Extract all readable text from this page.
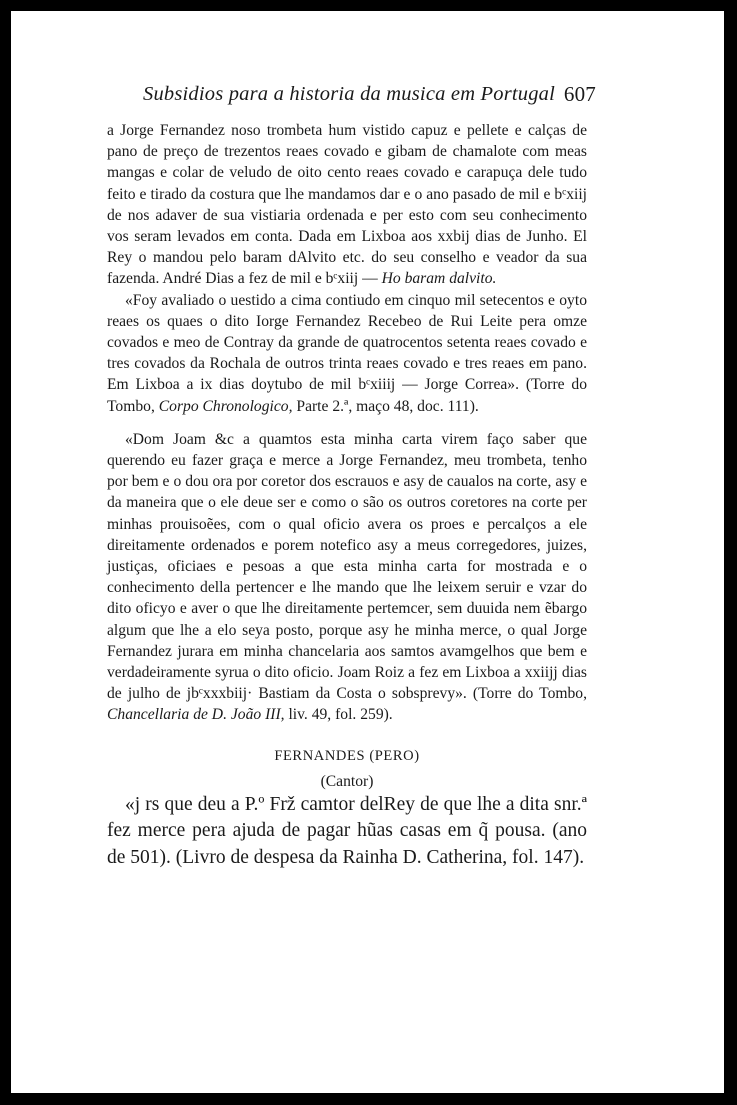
Subsidios para a historia da musica em Portugal 607

a Jorge Fernandez noso trombeta hum vistido capuz e pellete e calças de pano de preço de trezentos reaes covado e gibam de chamalote com meas mangas e colar de veludo de oito cento reaes covado e carapuça dele tudo feito e tirado da costura que lhe mandamos dar e o ano pasado de mil e bᶜxiij de nos adaver de sua vistiaria ordenada e per esto com seu conhecimento vos seram levados em conta. Dada em Lixboa aos xxbij dias de Junho. El Rey o mandou pelo baram dAlvito etc. do seu conselho e veador da sua fazenda. André Dias a fez de mil e bᶜxiij — Ho baram dalvito.

«Foy avaliado o uestido a cima contiudo em cinquo mil setecentos e oyto reaes os quaes o dito Iorge Fernandez Recebeo de Rui Leite pera omze covados e meo de Contray da grande de quatrocentos setenta reaes covado e tres covados da Rochala de outros trinta reaes covado e tres reaes em pano. Em Lixboa a ix dias doytubo de mil bᶜxiiij — Jorge Correa». (Torre do Tombo, Corpo Chronologico, Parte 2.ª, maço 48, doc. 111).

«Dom Joam &c a quamtos esta minha carta virem faço saber que querendo eu fazer graça e merce a Jorge Fernandez, meu trombeta, tenho por bem e o dou ora por coretor dos escrauos e asy de caualos na corte, asy e da maneira que o ele deue ser e como o são os outros coretores na corte per minhas prouisoẽes, com o qual oficio avera os proes e percalços a ele direitamente ordenados e porem notefico asy a meus corregedores, juizes, justiças, oficiaes e pesoas a que esta minha carta for mostrada e o conhecimento della pertencer e lhe mando que lhe leixem seruir e vzar do dito oficyo e aver o que lhe direitamente pertemcer, sem duuida nem ẽbargo algum que lhe a elo seya posto, porque asy he minha merce, o qual Jorge Fernandez jurara em minha chancelaria aos samtos avamgelhos que bem e verdadeiramente syrua o dito oficio. Joam Roiz a fez em Lixboa a xxiijj dias de julho de jbᶜxxxbiij· Bastiam da Costa o sobsprevy». (Torre do Tombo, Chancellaria de D. João III, liv. 49, fol. 259).

FERNANDES (PERO)
(Cantor)

«j rs que deu a P.º Frž camtor delRey de que lhe a dita snr.ª fez merce pera ajuda de pagar hũas casas em q̃ pousa. (ano de 501). (Livro de despesa da Rainha D. Catherina, fol. 147).
